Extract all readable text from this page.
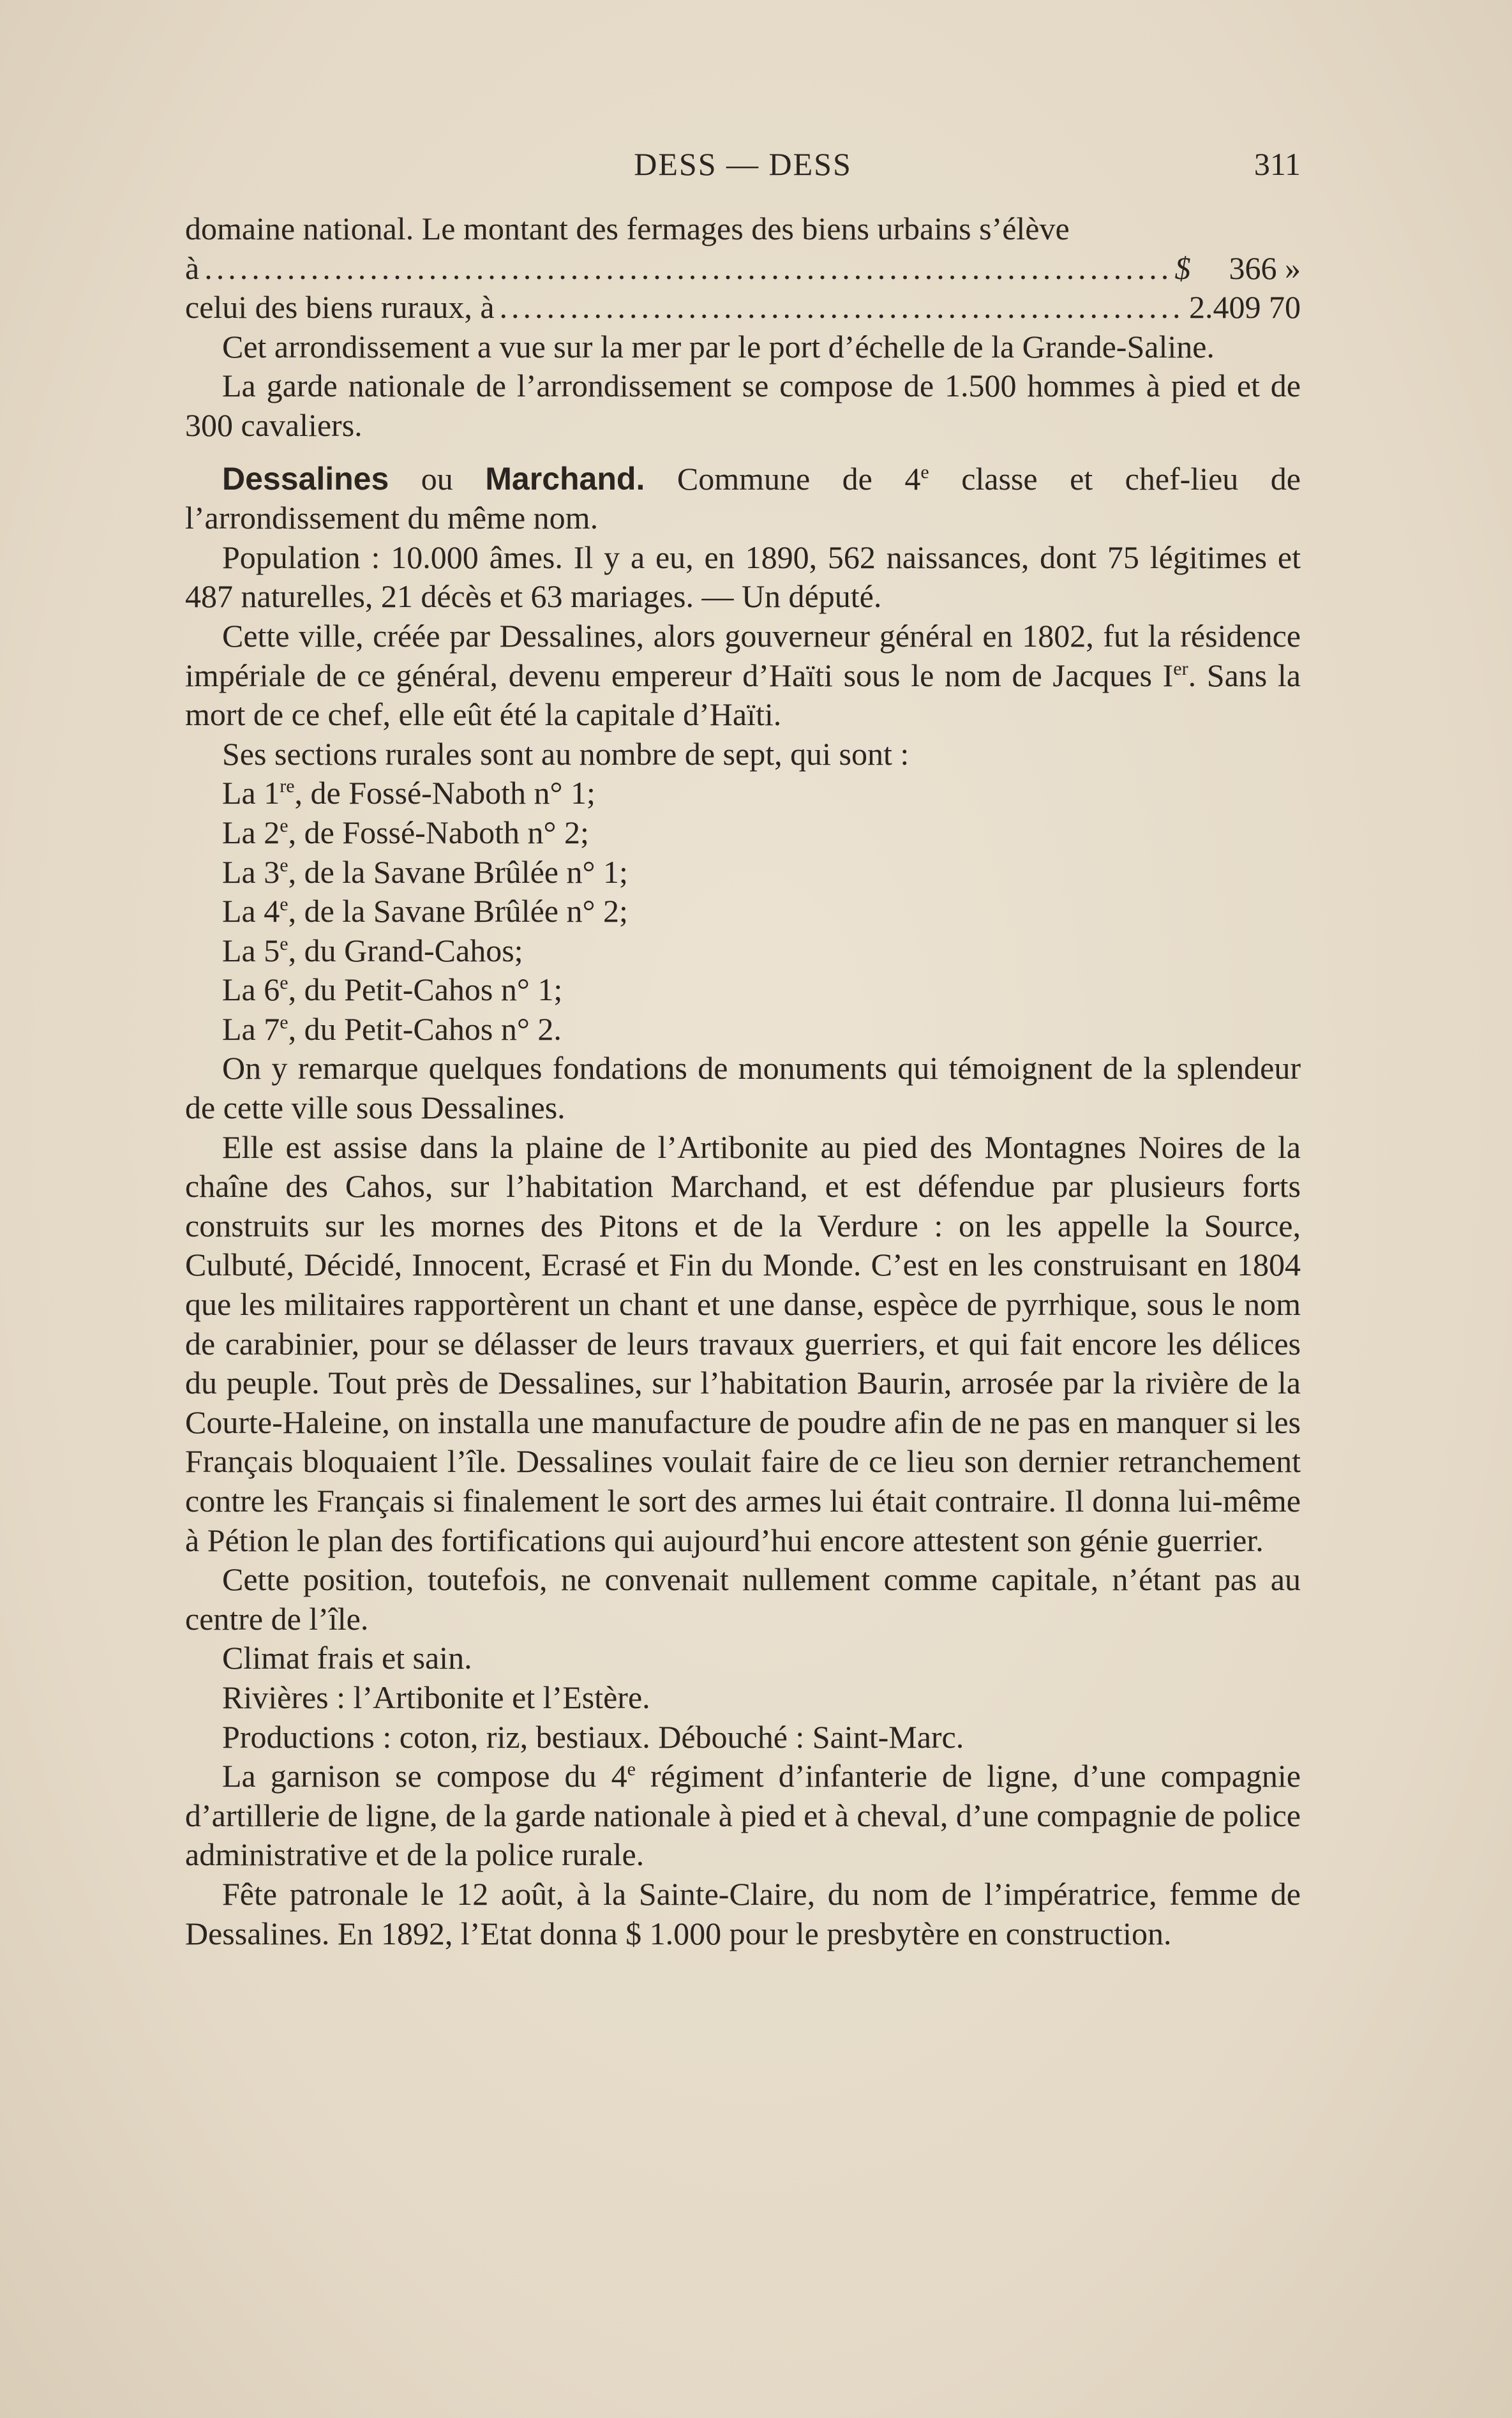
DESS — DESS	311

domaine national. Le montant des fermages des biens urbains s’élève

à .....	$ 366 »
celui des biens ruraux, à .....	2.409 70

Cet arrondissement a vue sur la mer par le port d’échelle de la Grande-Saline.

La garde nationale de l’arrondissement se compose de 1.500 hommes à pied et de 300 cavaliers.

Dessalines ou Marchand. Commune de 4e classe et chef-lieu de l’arrondissement du même nom.

Population : 10.000 âmes. Il y a eu, en 1890, 562 naissances, dont 75 légitimes et 487 naturelles, 21 décès et 63 mariages. — Un député.

Cette ville, créée par Dessalines, alors gouverneur général en 1802, fut la résidence impériale de ce général, devenu empereur d’Haïti sous le nom de Jacques Ier. Sans la mort de ce chef, elle eût été la capitale d’Haïti.

Ses sections rurales sont au nombre de sept, qui sont :

La 1re, de Fossé-Naboth n° 1;

La 2e, de Fossé-Naboth n° 2;

La 3e, de la Savane Brûlée n° 1;

La 4e, de la Savane Brûlée n° 2;

La 5e, du Grand-Cahos;

La 6e, du Petit-Cahos n° 1;

La 7e, du Petit-Cahos n° 2.

On y remarque quelques fondations de monuments qui témoignent de la splendeur de cette ville sous Dessalines.

Elle est assise dans la plaine de l’Artibonite au pied des Montagnes Noires de la chaîne des Cahos, sur l’habitation Marchand, et est défendue par plusieurs forts construits sur les mornes des Pitons et de la Verdure : on les appelle la Source, Culbuté, Décidé, Innocent, Ecrasé et Fin du Monde. C’est en les construisant en 1804 que les militaires rapportèrent un chant et une danse, espèce de pyrrhique, sous le nom de carabinier, pour se délasser de leurs travaux guerriers, et qui fait encore les délices du peuple. Tout près de Dessalines, sur l’habitation Baurin, arrosée par la rivière de la Courte-Haleine, on installa une manufacture de poudre afin de ne pas en manquer si les Français bloquaient l’île. Dessalines voulait faire de ce lieu son dernier retranchement contre les Français si finalement le sort des armes lui était contraire. Il donna lui-même à Pétion le plan des fortifications qui aujourd’hui encore attestent son génie guerrier.

Cette position, toutefois, ne convenait nullement comme capitale, n’étant pas au centre de l’île.

Climat frais et sain.

Rivières : l’Artibonite et l’Estère.

Productions : coton, riz, bestiaux. Débouché : Saint-Marc.

La garnison se compose du 4e régiment d’infanterie de ligne, d’une compagnie d’artillerie de ligne, de la garde nationale à pied et à cheval, d’une compagnie de police administrative et de la police rurale.

Fête patronale le 12 août, à la Sainte-Claire, du nom de l’impératrice, femme de Dessalines. En 1892, l’Etat donna $ 1.000 pour le presbytère en construction.
